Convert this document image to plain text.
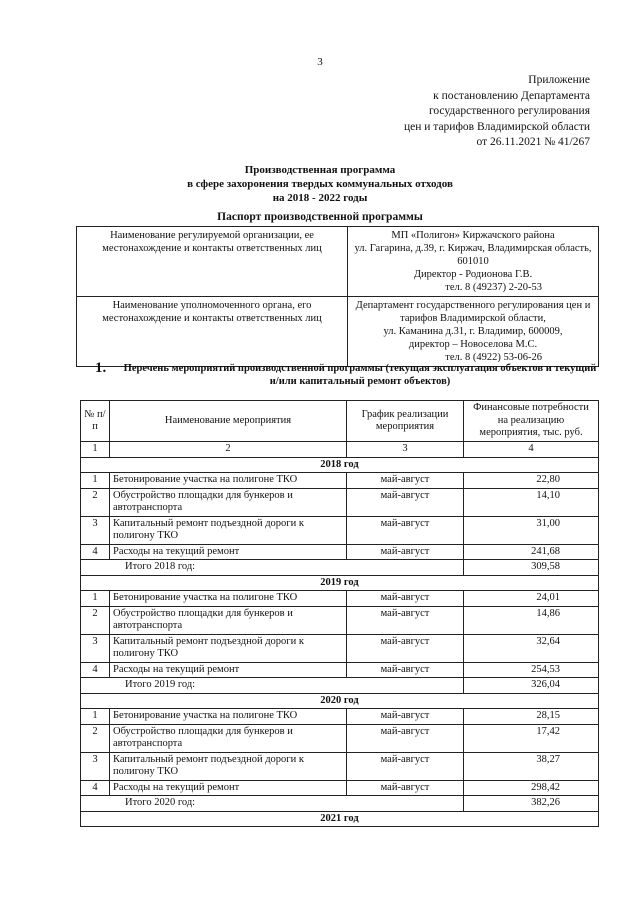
3
Приложение
к постановлению Департамента
государственного регулирования
цен и тарифов Владимирской области
от 26.11.2021 № 41/267
Производственная программа
в сфере захоронения твердых коммунальных отходов
на 2018 - 2022 годы
Паспорт производственной программы
Наименование регулируемой организации, ее местонахождение и контакты ответственных лиц	МП «Полигон» Киржачского района
ул. Гагарина, д.39, г. Киржач, Владимирская область, 601010
Директор - Родионова Г.В.
тел. 8 (49237) 2-20-53

Наименование уполномоченного органа, его местонахождение и контакты ответственных лиц	Департамент государственного регулирования цен и тарифов Владимирской области,
ул. Каманина д.31, г. Владимир, 600009,
директор – Новоселова М.С.
тел. 8 (4922) 53-06-26
1.	Перечень мероприятий производственной программы (текущая эксплуатация объектов и текущий и/или капитальный ремонт объектов)
№ п/п	Наименование мероприятия	График реализации мероприятия	Финансовые потребности на реализацию мероприятия, тыс. руб.
1	2	3	4
2018 год			
1	Бетонирование участка на полигоне ТКО	май-август	22,80
2	Обустройство площадки для бункеров и автотранспорта	май-август	14,10
3	Капитальный ремонт подъездной дороги к полигону ТКО	май-август	31,00
4	Расходы на текущий ремонт	май-август	241,68
Итого 2018 год:			309,58
2019 год			
1	Бетонирование участка на полигоне ТКО	май-август	24,01
2	Обустройство площадки для бункеров и автотранспорта	май-август	14,86
3	Капитальный ремонт подъездной дороги к полигону ТКО	май-август	32,64
4	Расходы на текущий ремонт	май-август	254,53
Итого 2019 год:			326,04
2020 год			
1	Бетонирование участка на полигоне ТКО	май-август	28,15
2	Обустройство площадки для бункеров и автотранспорта	май-август	17,42
3	Капитальный ремонт подъездной дороги к полигону ТКО	май-август	38,27
4	Расходы на текущий ремонт	май-август	298,42
Итого 2020 год:			382,26
2021 год			
